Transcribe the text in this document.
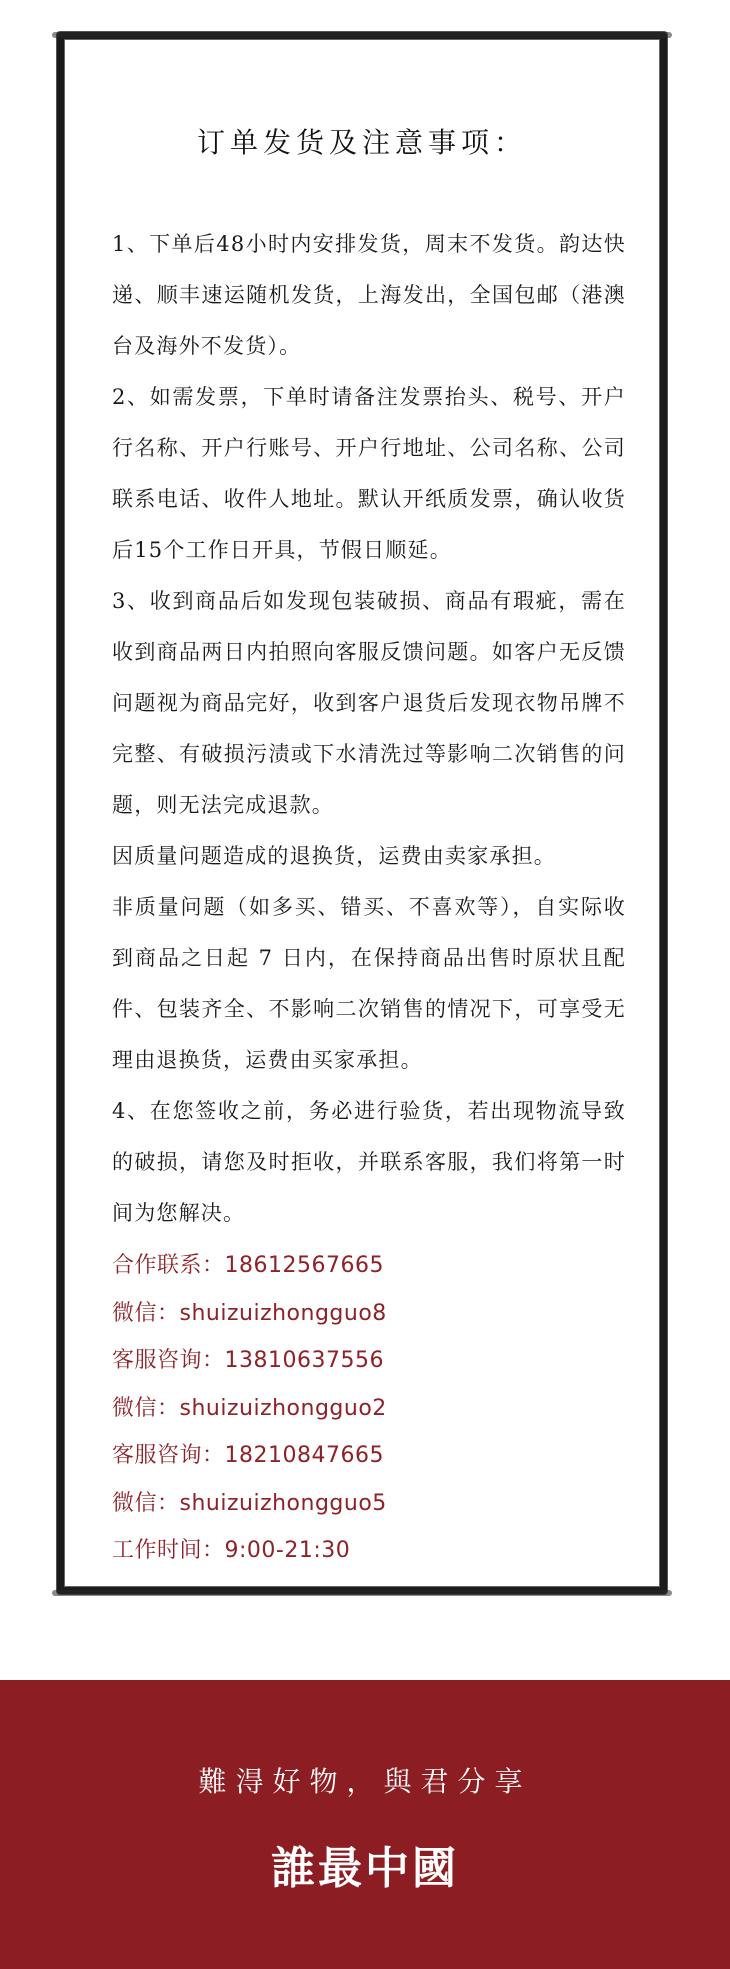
订单发货及注意事项：
1、下单后48小时内安排发货，周末不发货。韵达快递、顺丰速运随机发货，上海发出，全国包邮（港澳台及海外不发货）。
2、如需发票，下单时请备注发票抬头、税号、开户行名称、开户行账号、开户行地址、公司名称、公司联系电话、收件人地址。默认开纸质发票，确认收货后15个工作日开具，节假日顺延。
3、收到商品后如发现包装破损、商品有瑕疵，需在收到商品两日内拍照向客服反馈问题。如客户无反馈问题视为商品完好，收到客户退货后发现衣物吊牌不完整、有破损污渍或下水清洗过等影响二次销售的问题，则无法完成退款。
因质量问题造成的退换货，运费由卖家承担。
非质量问题（如多买、错买、不喜欢等），自实际收到商品之日起 7 日内，在保持商品出售时原状且配件、包装齐全、不影响二次销售的情况下，可享受无理由退换货，运费由买家承担。
4、在您签收之前，务必进行验货，若出现物流导致的破损，请您及时拒收，并联系客服，我们将第一时间为您解决。
合作联系：18612567665
微信：shuizuizhongguo8
客服咨询：13810637556
微信：shuizuizhongguo2
客服咨询：18210847665
微信：shuizuizhongguo5
工作时间：9:00-21:30
難淂好物，與君分享
誰最中國
